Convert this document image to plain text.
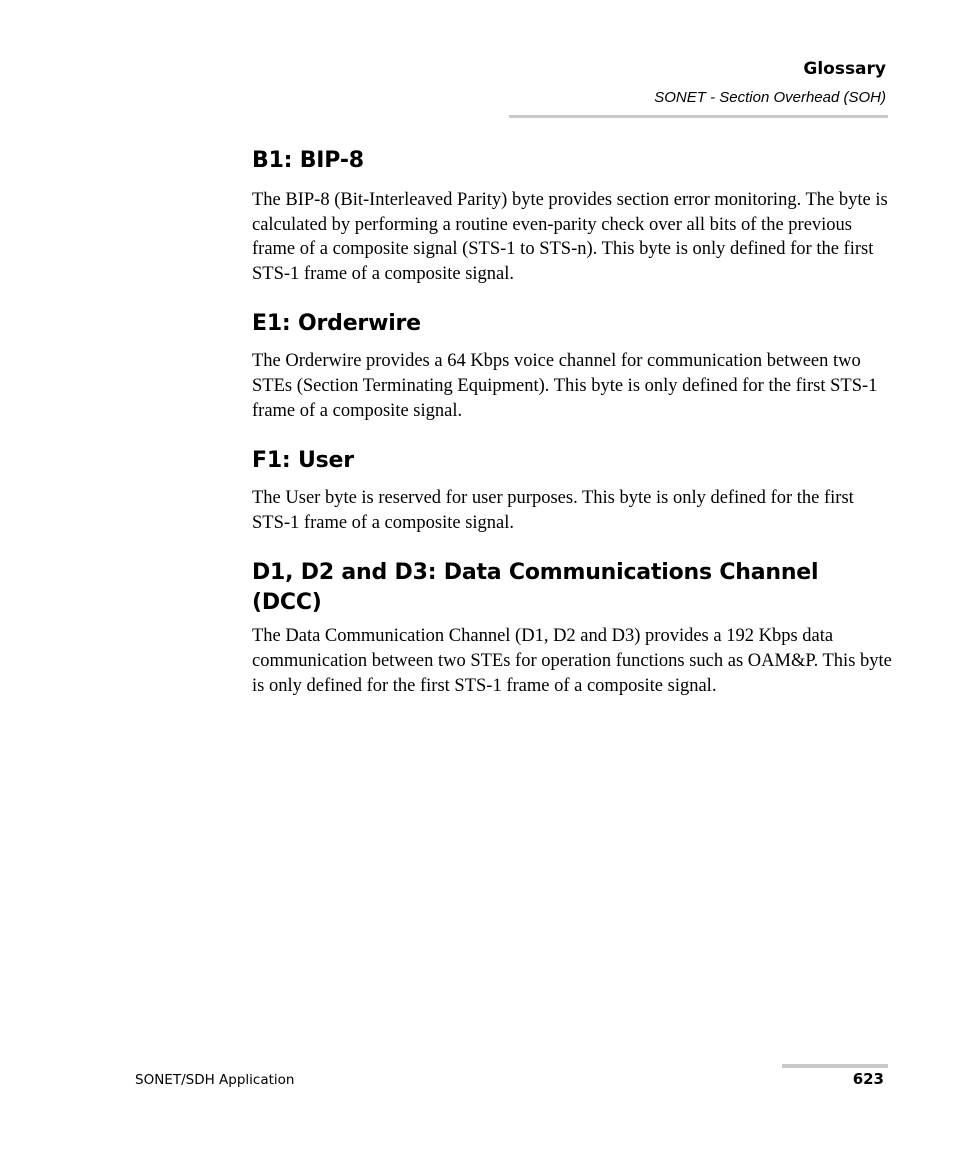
Glossary
SONET - Section Overhead (SOH)
B1: BIP-8

The BIP-8 (Bit-Interleaved Parity) byte provides section error monitoring. The byte is calculated by performing a routine even-parity check over all bits of the previous frame of a composite signal (STS-1 to STS-n). This byte is only defined for the first STS-1 frame of a composite signal.

E1: Orderwire

The Orderwire provides a 64 Kbps voice channel for communication between two STEs (Section Terminating Equipment). This byte is only defined for the first STS-1 frame of a composite signal.

F1: User

The User byte is reserved for user purposes. This byte is only defined for the first STS-1 frame of a composite signal.

D1, D2 and D3: Data Communications Channel (DCC)

The Data Communication Channel (D1, D2 and D3) provides a 192 Kbps data communication between two STEs for operation functions such as OAM&P. This byte is only defined for the first STS-1 frame of a composite signal.

SONET/SDH Application	623
